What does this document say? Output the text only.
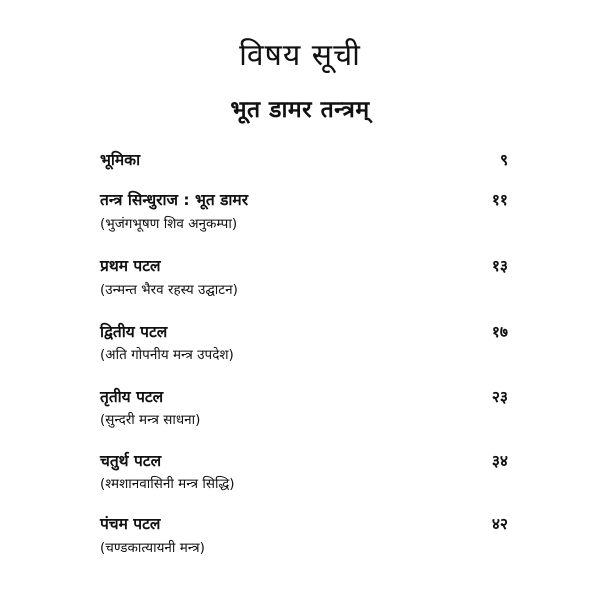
विषय सूची
भूत डामर तन्त्रम्
भूमिका	९
तन्त्र सिन्धुराज : भूत डामर	११
(भुजंगभूषण शिव अनुकम्पा)
प्रथम पटल	१३
(उन्मन्त भैरव रहस्य उद्घाटन)
द्वितीय पटल	१७
(अति गोपनीय मन्त्र उपदेश)
तृतीय पटल	२३
(सुन्दरी मन्त्र साधना)
चतुर्थ पटल	३४
(श्मशानवासिनी मन्त्र सिद्धि)
पंचम पटल	४२
(चण्डकात्यायनी मन्त्र)
